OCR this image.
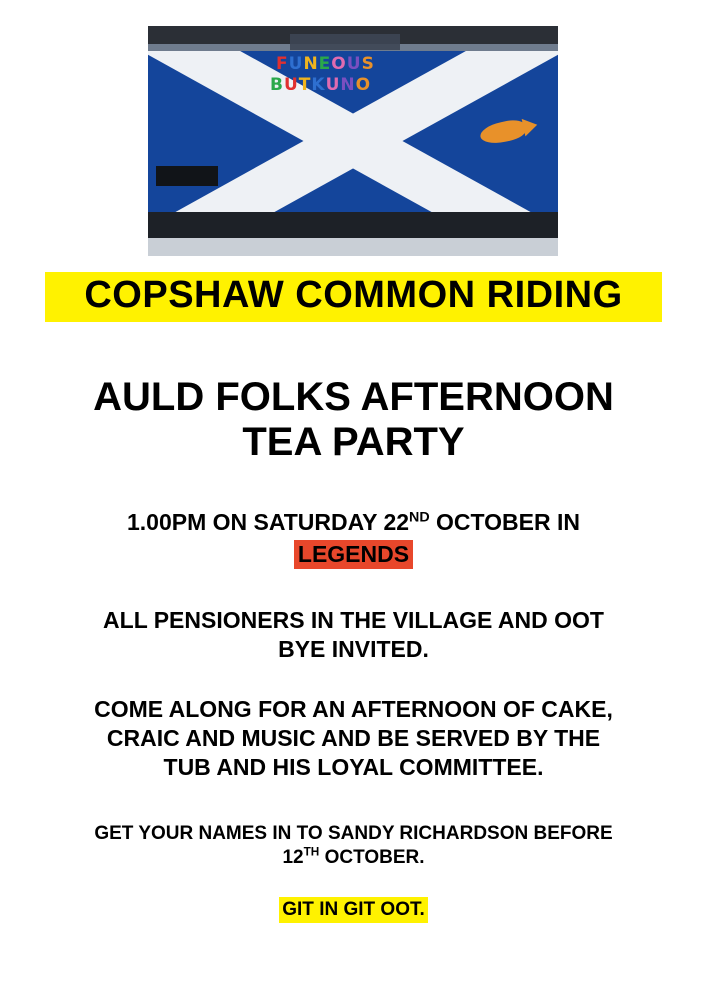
FUNEOUS
BUTKUNO
COPSHAW COMMON RIDING
AULD FOLKS AFTERNOON
TEA PARTY
1.00PM ON SATURDAY 22ND OCTOBER IN
LEGENDS
ALL PENSIONERS IN THE VILLAGE AND OOT
BYE INVITED.
COME ALONG FOR AN AFTERNOON OF CAKE,
CRAIC AND MUSIC AND BE SERVED BY THE
TUB AND HIS LOYAL COMMITTEE.
GET YOUR NAMES IN TO SANDY RICHARDSON BEFORE
12TH OCTOBER.
GIT IN GIT OOT.
